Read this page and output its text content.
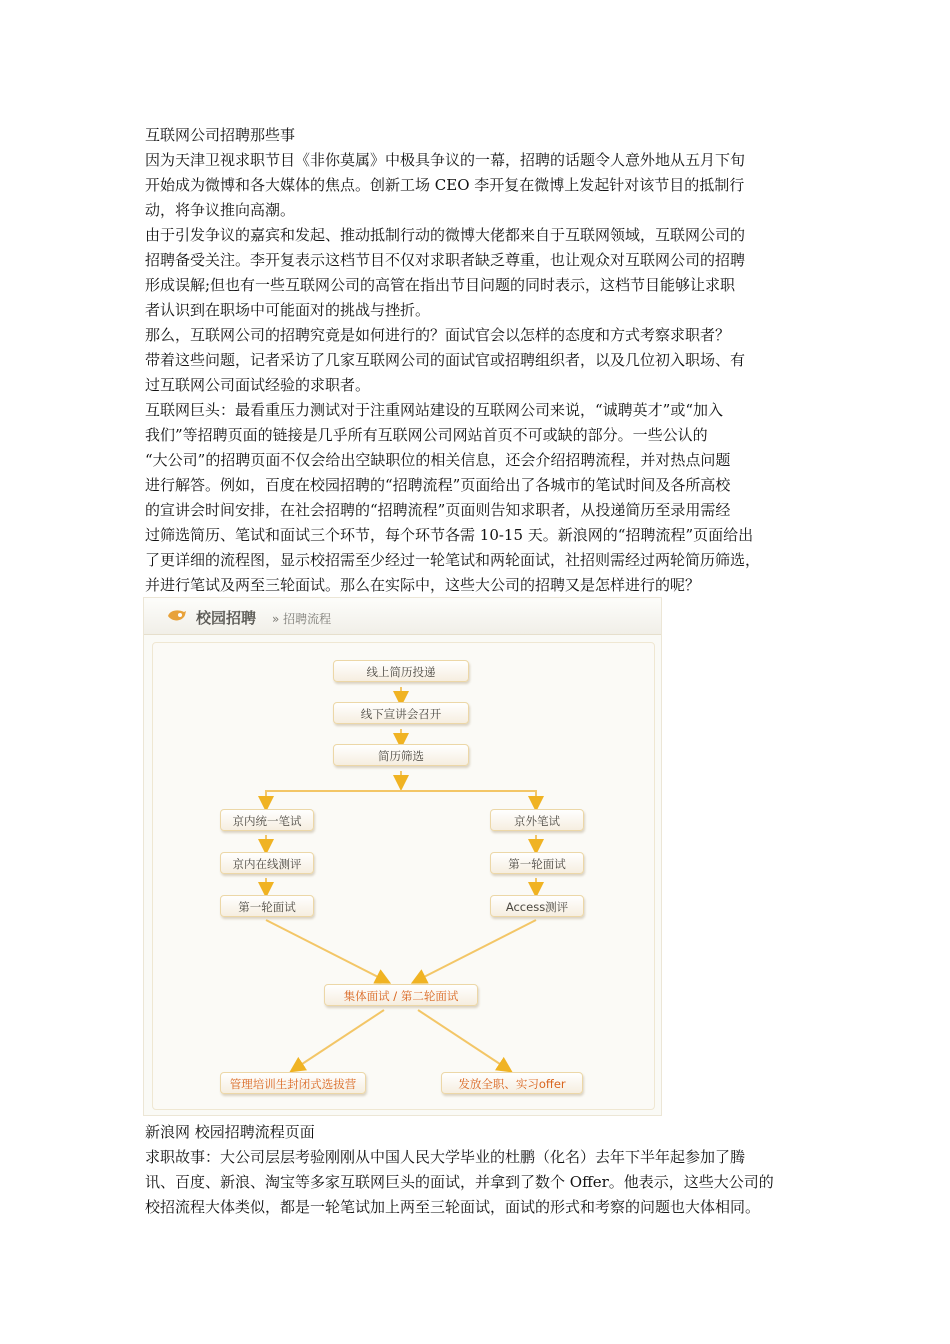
互联网公司招聘那些事

因为天津卫视求职节目《非你莫属》中极具争议的一幕，招聘的话题令人意外地从五月下旬
开始成为微博和各大媒体的焦点。创新工场 CEO 李开复在微博上发起针对该节目的抵制行
动，将争议推向高潮。

由于引发争议的嘉宾和发起、推动抵制行动的微博大佬都来自于互联网领域，互联网公司的
招聘备受关注。李开复表示这档节目不仅对求职者缺乏尊重，也让观众对互联网公司的招聘
形成误解;但也有一些互联网公司的高管在指出节目问题的同时表示，这档节目能够让求职
者认识到在职场中可能面对的挑战与挫折。

那么，互联网公司的招聘究竟是如何进行的？面试官会以怎样的态度和方式考察求职者？
带着这些问题，记者采访了几家互联网公司的面试官或招聘组织者，以及几位初入职场、有
过互联网公司面试经验的求职者。

互联网巨头：最看重压力测试对于注重网站建设的互联网公司来说，“诚聘英才”或“加入
我们”等招聘页面的链接是几乎所有互联网公司网站首页不可或缺的部分。一些公认的
“大公司”的招聘页面不仅会给出空缺职位的相关信息，还会介绍招聘流程，并对热点问题
进行解答。例如，百度在校园招聘的“招聘流程”页面给出了各城市的笔试时间及各所高校
的宣讲会时间安排，在社会招聘的“招聘流程”页面则告知求职者，从投递简历至录用需经
过筛选简历、笔试和面试三个环节，每个环节各需 10-15 天。新浪网的“招聘流程”页面给出
了更详细的流程图，显示校招需至少经过一轮笔试和两轮面试，社招则需经过两轮简历筛选，
并进行笔试及两至三轮面试。那么在实际中，这些大公司的招聘又是怎样进行的呢？

校园招聘 » 招聘流程
线上简历投递
线下宣讲会召开
简历筛选
京内统一笔试
京内在线测评
第一轮面试
京外笔试
第一轮面试
Access测评
集体面试 / 第二轮面试
管理培训生封闭式选拔营	发放全职、实习offer

新浪网 校园招聘流程页面

求职故事：大公司层层考验刚刚从中国人民大学毕业的杜鹏（化名）去年下半年起参加了腾
讯、百度、新浪、淘宝等多家互联网巨头的面试，并拿到了数个 Offer。他表示，这些大公司的
校招流程大体类似，都是一轮笔试加上两至三轮面试，面试的形式和考察的问题也大体相同。
